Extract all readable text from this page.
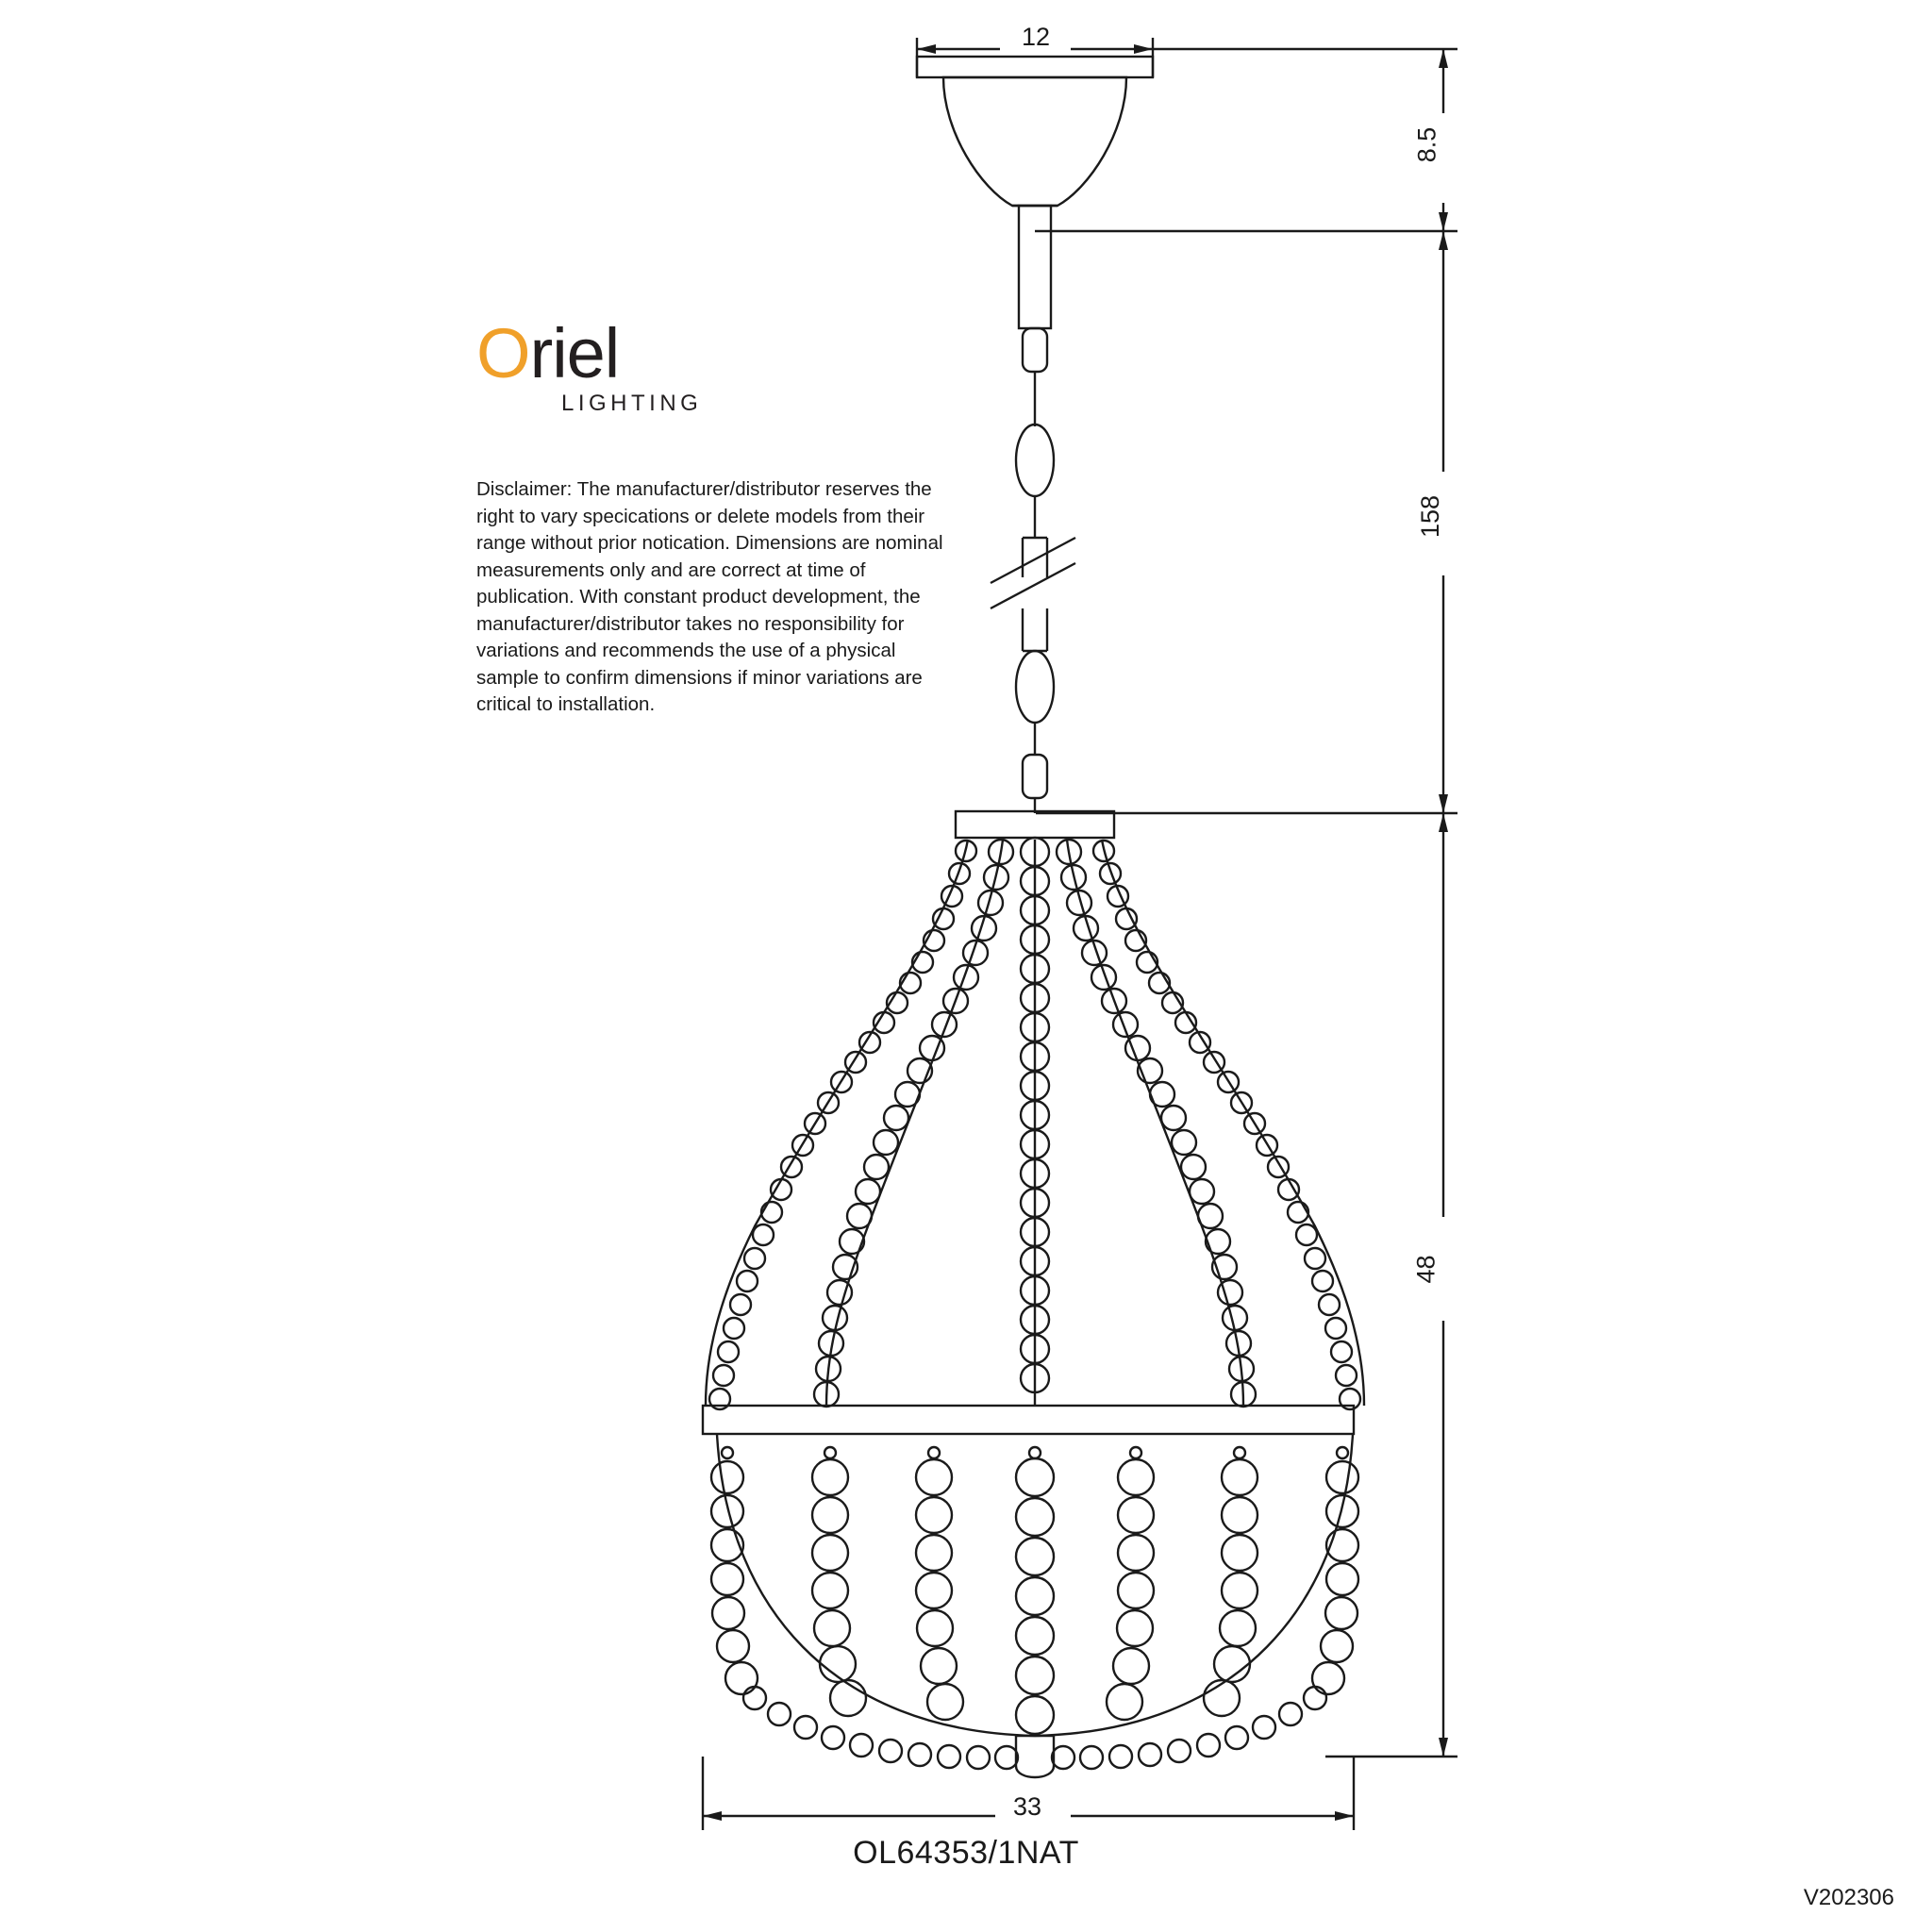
Oriel
LIGHTING
Disclaimer: The manufacturer/distributor reserves the right to vary specications or delete models from their range without prior notication. Dimensions are nominal measurements only and are correct at time of publication. With constant product development, the manufacturer/distributor takes no responsibility for variations and recommends the use of a physical sample to confirm dimensions if minor variations are critical to installation.
12
8.5
158
48
33
OL64353/1NAT
V202306
